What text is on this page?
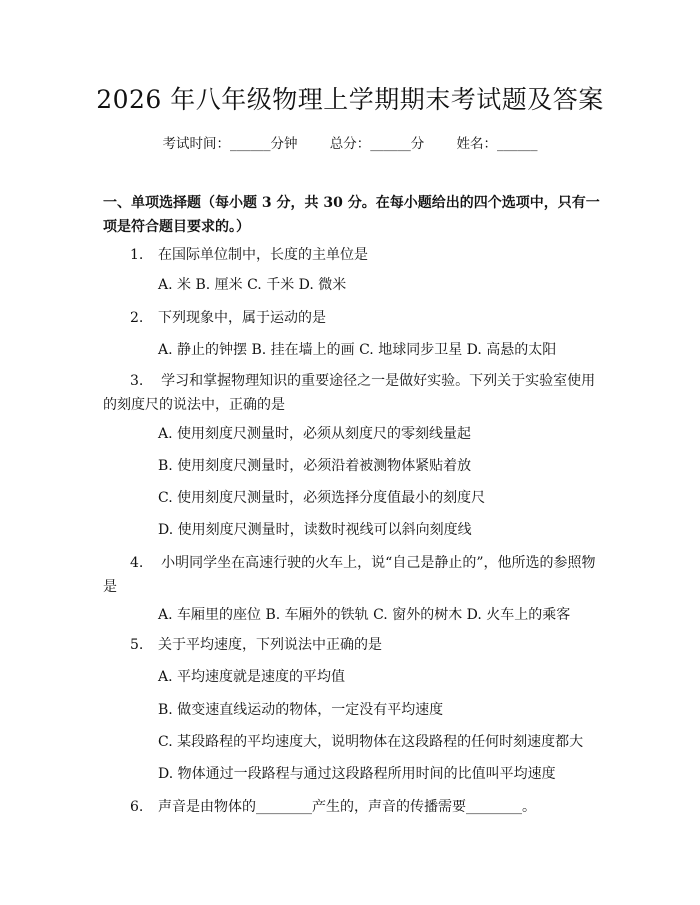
2026 年八年级物理上学期期末考试题及答案
考试时间：______分钟 总分：______分 姓名：______
一、单项选择题（每小题 3 分，共 30 分。在每小题给出的四个选项中，只有一项是符合题目要求的。）
1. 在国际单位制中，长度的主单位是
A. 米 B. 厘米 C. 千米 D. 微米
2. 下列现象中，属于运动的是
A. 静止的钟摆 B. 挂在墙上的画 C. 地球同步卫星 D. 高悬的太阳
3. 学习和掌握物理知识的重要途径之一是做好实验。下列关于实验室使用的刻度尺的说法中，正确的是
A. 使用刻度尺测量时，必须从刻度尺的零刻线量起
B. 使用刻度尺测量时，必须沿着被测物体紧贴着放
C. 使用刻度尺测量时，必须选择分度值最小的刻度尺
D. 使用刻度尺测量时，读数时视线可以斜向刻度线
4. 小明同学坐在高速行驶的火车上，说“自己是静止的”，他所选的参照物是
A. 车厢里的座位 B. 车厢外的铁轨 C. 窗外的树木 D. 火车上的乘客
5. 关于平均速度，下列说法中正确的是
A. 平均速度就是速度的平均值
B. 做变速直线运动的物体，一定没有平均速度
C. 某段路程的平均速度大，说明物体在这段路程的任何时刻速度都大
D. 物体通过一段路程与通过这段路程所用时间的比值叫平均速度
6. 声音是由物体的________产生的，声音的传播需要________。
